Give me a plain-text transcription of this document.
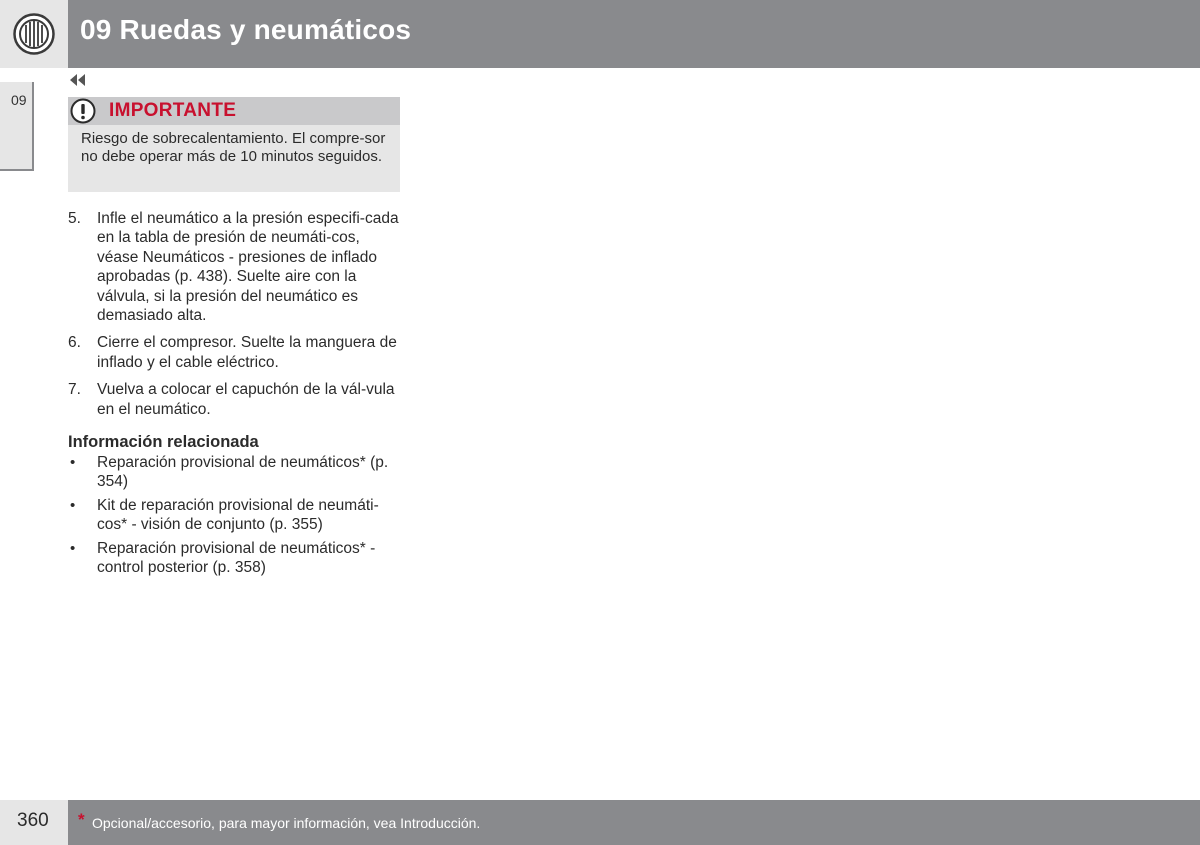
09 Ruedas y neumáticos
09	IMPORTANTE
Riesgo de sobrecalentamiento. El compre-sor no debe operar más de 10 minutos seguidos.
5. Infle el neumático a la presión especifi-cada en la tabla de presión de neumáti-cos, véase Neumáticos - presiones de inflado aprobadas (p. 438). Suelte aire con la válvula, si la presión del neumático es demasiado alta.
6. Cierre el compresor. Suelte la manguera de inflado y el cable eléctrico.
7. Vuelva a colocar el capuchón de la vál-vula en el neumático.
Información relacionada
• Reparación provisional de neumáticos* (p. 354)
• Kit de reparación provisional de neumáti-cos* - visión de conjunto (p. 355)
• Reparación provisional de neumáticos* - control posterior (p. 358)
360 * Opcional/accesorio, para mayor información, vea Introducción.
